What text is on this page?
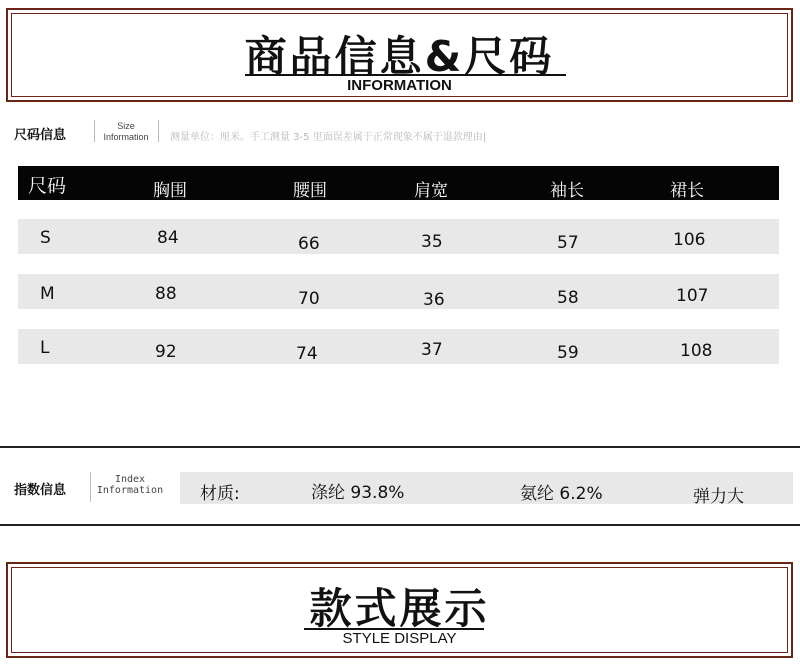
商品信息&尺码
INFORMATION
尺码信息
Size
Information	测量单位：厘米。手工测量 3-5 里面误差属于正常现象不属于退款理由|
尺码	胸围	腰围	肩宽	袖长	裙长
S	84	66	35	57	106
M	88	70	36	58	107
L	92	74	37	59	108
指数信息
Index
Information 材质:	涤纶 93.8%	氨纶 6.2%	弹力大
款式展示
STYLE DISPLAY
